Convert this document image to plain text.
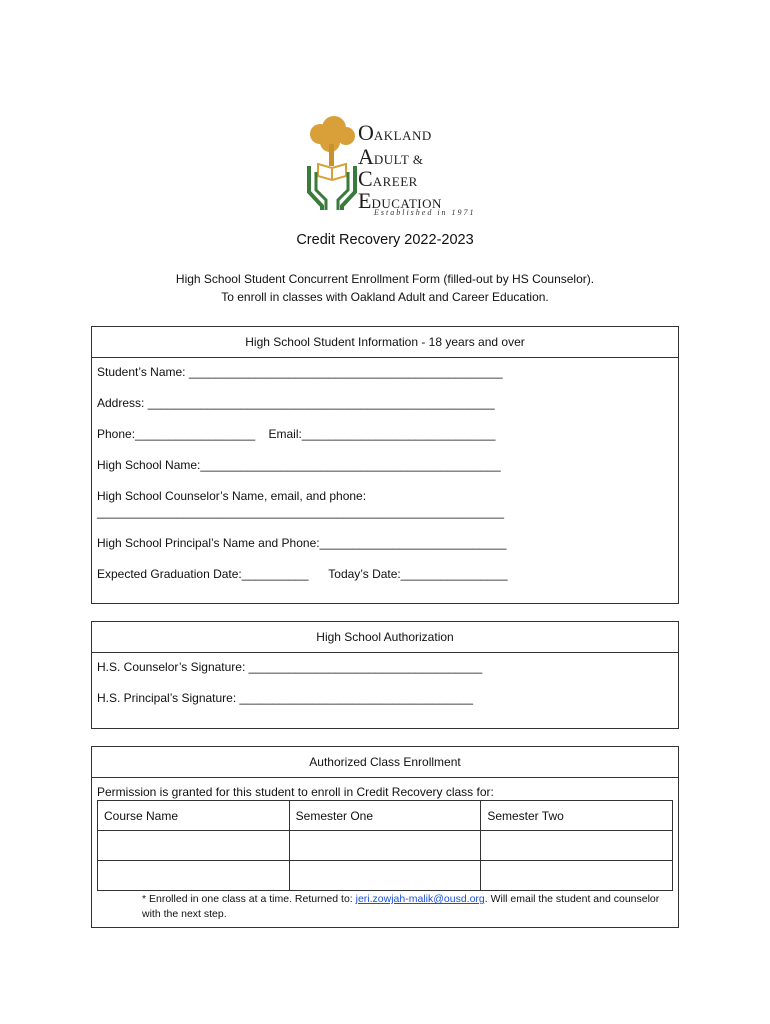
OAKLAND
ADULT &
CAREER
EDUCATION
Established in 1971
Credit Recovery 2022-2023
High School Student Concurrent Enrollment Form (filled-out by HS Counselor).
To enroll in classes with Oakland Adult and Career Education.
High School Student Information - 18 years and over
Student’s Name: _______________________________________________
Address: ____________________________________________________
Phone:__________________    Email:_____________________________
High School Name:_____________________________________________
High School Counselor’s Name, email, and phone:
_____________________________________________________________
High School Principal’s Name and Phone:____________________________
Expected Graduation Date:__________      Today’s Date:________________
High School Authorization
H.S. Counselor’s Signature: ___________________________________
H.S. Principal’s Signature: ___________________________________
Authorized Class Enrollment
Permission is granted for this student to enroll in Credit Recovery class for:
Course Name	Semester One	Semester Two

* Enrolled in one class at a time. Returned to: jeri.zowjah-malik@ousd.org. Will email the student and counselor with the next step.
